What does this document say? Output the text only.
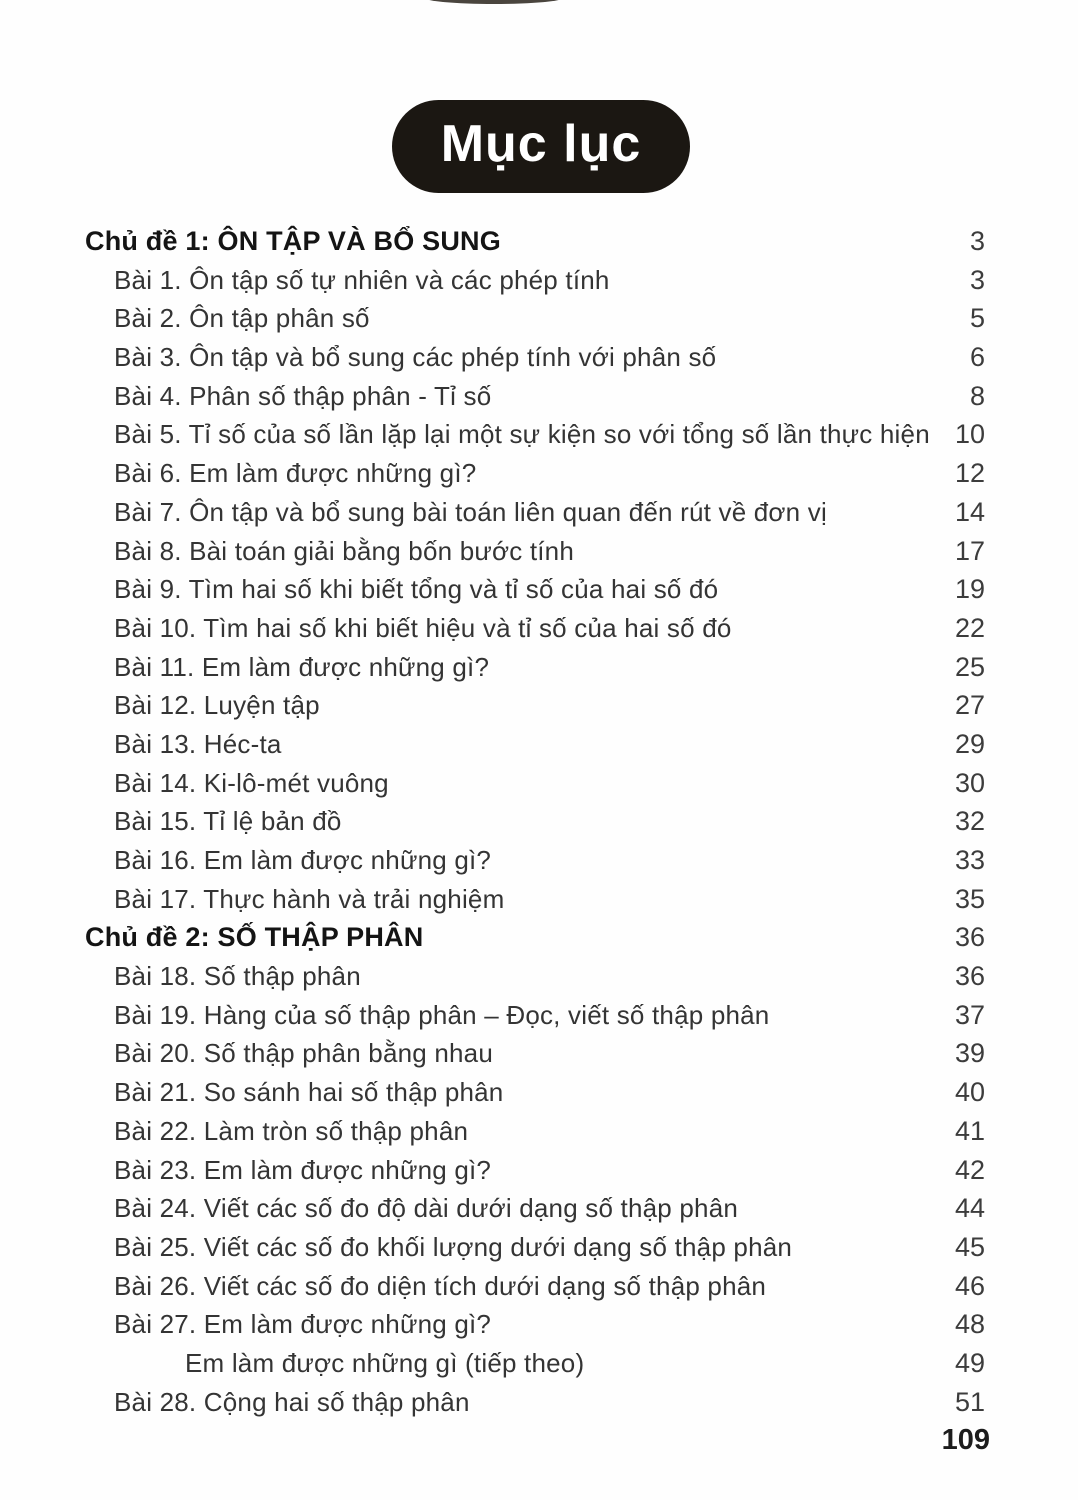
Mục lục
Chủ đề 1: ÔN TẬP VÀ BỔ SUNG	3
Bài 1. Ôn tập số tự nhiên và các phép tính	3
Bài 2. Ôn tập phân số	5
Bài 3. Ôn tập và bổ sung các phép tính với phân số	6
Bài 4. Phân số thập phân - Tỉ số	8
Bài 5. Tỉ số của số lần lặp lại một sự kiện so với tổng số lần thực hiện 10
Bài 6. Em làm được những gì?	12
Bài 7. Ôn tập và bổ sung bài toán liên quan đến rút về đơn vị	14
Bài 8. Bài toán giải bằng bốn bước tính	17
Bài 9. Tìm hai số khi biết tổng và tỉ số của hai số đó	19
Bài 10. Tìm hai số khi biết hiệu và tỉ số của hai số đó	22
Bài 11. Em làm được những gì?	25
Bài 12. Luyện tập	27
Bài 13. Héc-ta	29
Bài 14. Ki-lô-mét vuông	30
Bài 15. Tỉ lệ bản đồ	32
Bài 16. Em làm được những gì?	33
Bài 17. Thực hành và trải nghiệm	35
Chủ đề 2: SỐ THẬP PHÂN	36
Bài 18. Số thập phân	36
Bài 19. Hàng của số thập phân – Đọc, viết số thập phân	37
Bài 20. Số thập phân bằng nhau	39
Bài 21. So sánh hai số thập phân	40
Bài 22. Làm tròn số thập phân	41
Bài 23. Em làm được những gì?	42
Bài 24. Viết các số đo độ dài dưới dạng số thập phân	44
Bài 25. Viết các số đo khối lượng dưới dạng số thập phân	45
Bài 26. Viết các số đo diện tích dưới dạng số thập phân	46
Bài 27. Em làm được những gì?	48
Em làm được những gì (tiếp theo)	49
Bài 28. Cộng hai số thập phân	51
109
